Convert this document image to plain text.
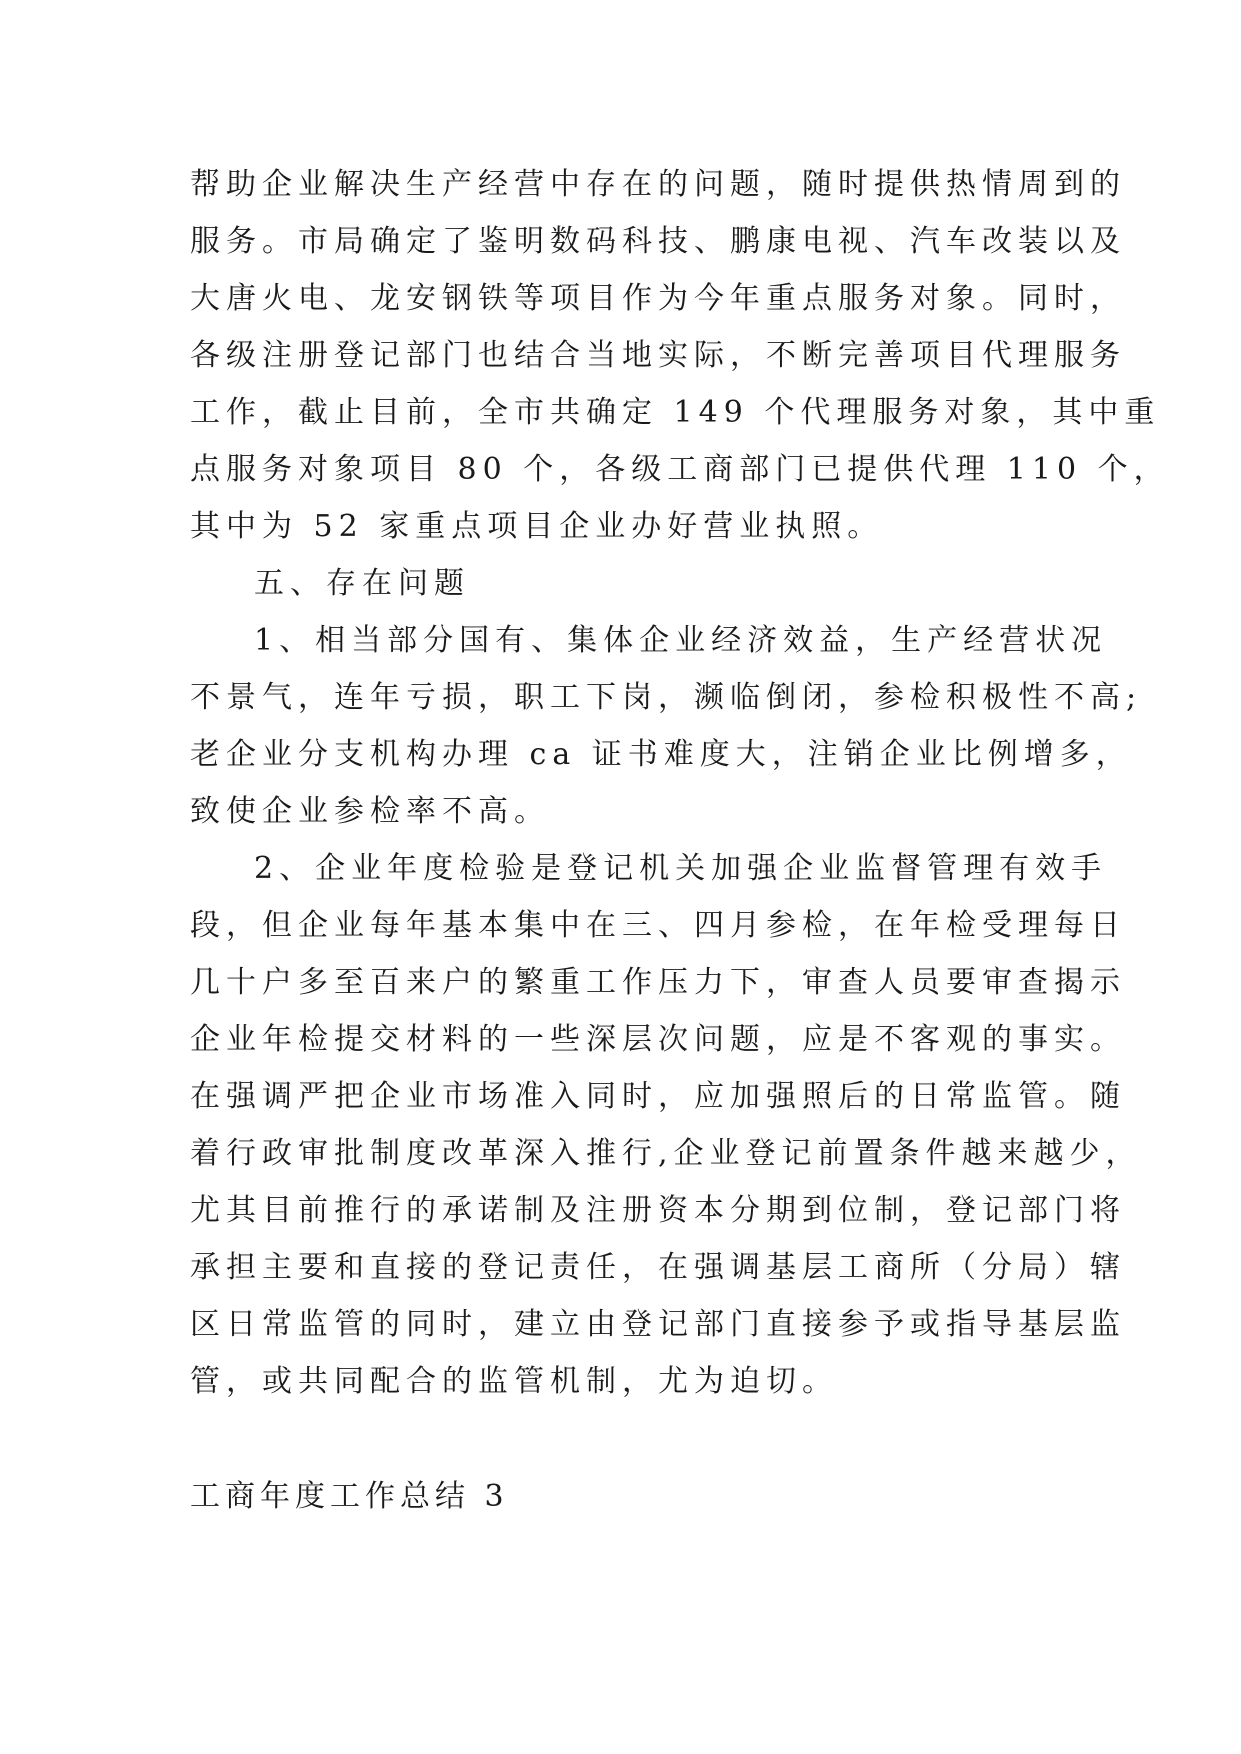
帮助企业解决生产经营中存在的问题，随时提供热情周到的
服务。市局确定了鉴明数码科技、鹏康电视、汽车改装以及
大唐火电、龙安钢铁等项目作为今年重点服务对象。同时，
各级注册登记部门也结合当地实际，不断完善项目代理服务
工作，截止目前，全市共确定 149 个代理服务对象，其中重
点服务对象项目 80 个，各级工商部门已提供代理 110 个，
其中为 52 家重点项目企业办好营业执照。
五、存在问题
1、相当部分国有、集体企业经济效益，生产经营状况
不景气，连年亏损，职工下岗，濒临倒闭，参检积极性不高;
老企业分支机构办理 ca 证书难度大，注销企业比例增多，
致使企业参检率不高。
2、企业年度检验是登记机关加强企业监督管理有效手
段，但企业每年基本集中在三、四月参检，在年检受理每日
几十户多至百来户的繁重工作压力下，审查人员要审查揭示
企业年检提交材料的一些深层次问题，应是不客观的事实。
在强调严把企业市场准入同时，应加强照后的日常监管。随
着行政审批制度改革深入推行,企业登记前置条件越来越少，
尤其目前推行的承诺制及注册资本分期到位制，登记部门将
承担主要和直接的登记责任，在强调基层工商所（分局）辖
区日常监管的同时，建立由登记部门直接参予或指导基层监
管，或共同配合的监管机制，尤为迫切。
工商年度工作总结 3
